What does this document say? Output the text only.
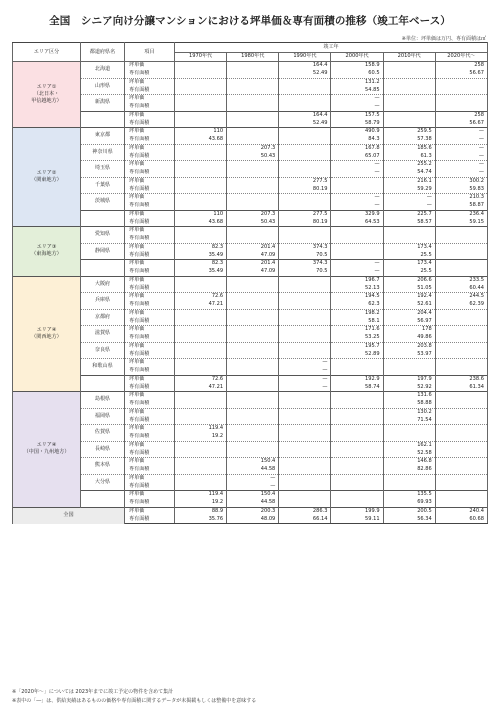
全国　シニア向け分譲マンションにおける坪単価＆専有面積の推移（竣工年ベース）
※単位：坪単価は万円、専有面積は㎡
エリア区分	都道府県名	項目	竣工年					
			1970年代	1980年代	1990年代	2000年代	2010年代	2020年代～

エリア①
（北日本・
甲信越地方）	北海道	坪単価			164.4	158.9		258
		専有面積			52.49	60.5		56.67
	山形県	坪単価				131.2		
		専有面積				54.85		
	新潟県	坪単価				—		
		専有面積				—		
		坪単価			164.4	157.5		258
		専有面積			52.49	58.79		56.67

エリア②
（関東地方）	東京都	坪単価	110			490.9	259.5	—
		専有面積	43.68			84.3	57.38	—
	神奈川県	坪単価		207.3		167.8	185.6	—
		専有面積		50.43		65.07	61.3	—
	埼玉県	坪単価				—	255.2	—
		専有面積				—	54.74	—
	千葉県	坪単価			277.5		216.1	300.2
		専有面積			80.19		59.29	59.83
	茨城県	坪単価				—	—	210.3
		専有面積				—	—	58.87
		坪単価	110	207.3	277.5	329.9	225.7	236.4
		専有面積	43.68	50.43	80.19	64.53	58.57	59.15

エリア③
（東海地方）	愛知県	坪単価						
		専有面積						
	静岡県	坪単価	82.3	201.4	374.3		173.4	
		専有面積	35.49	47.09	70.5		25.5	
		坪単価	82.3	201.4	374.3	—	173.4	
		専有面積	35.49	47.09	70.5	—	25.5	

エリア④
（関西地方）	大阪府	坪単価				196.7	206.6	233.5
		専有面積				52.13	51.05	60.44
	兵庫県	坪単価	72.6			194.5	192.4	244.5
		専有面積	47.21			62.3	52.61	62.39
	京都府	坪単価				198.2	204.4	
		専有面積				58.1	56.97	
	滋賀県	坪単価				171.6	178	
		専有面積				53.25	49.86	
	奈良県	坪単価				195.7	203.8	
		専有面積				52.89	53.97	
	和歌山県	坪単価			—			
		専有面積			—			
		坪単価	72.6		—	192.9	197.9	238.6
		専有面積	47.21		—	58.74	52.92	61.34

エリア④
（中国・九州地方）	島根県	坪単価					131.6	
		専有面積					58.88	
	福岡県	坪単価					130.2	
		専有面積					71.54	
	佐賀県	坪単価	119.4					
		専有面積	19.2					
	長崎県	坪単価					162.1	
		専有面積					52.58	
	熊本県	坪単価		150.4			146.8	
		専有面積		44.58			82.86	
	大分県	坪単価		—				
		専有面積		—				
		坪単価	119.4	150.4			135.5	
		専有面積	19.2	44.58			69.93	
全国		坪単価	88.9	200.3	286.3	199.9	200.5	240.4
		専有面積	35.76	48.09	66.14	59.11	56.34	60.68
※「2020年～」については 2023年までに竣工予定の物件を含めて集計
※表中の「―」は、供給実績はあるものの価格や専有面積に関するデータが未掲載もしくは整備中を意味する
